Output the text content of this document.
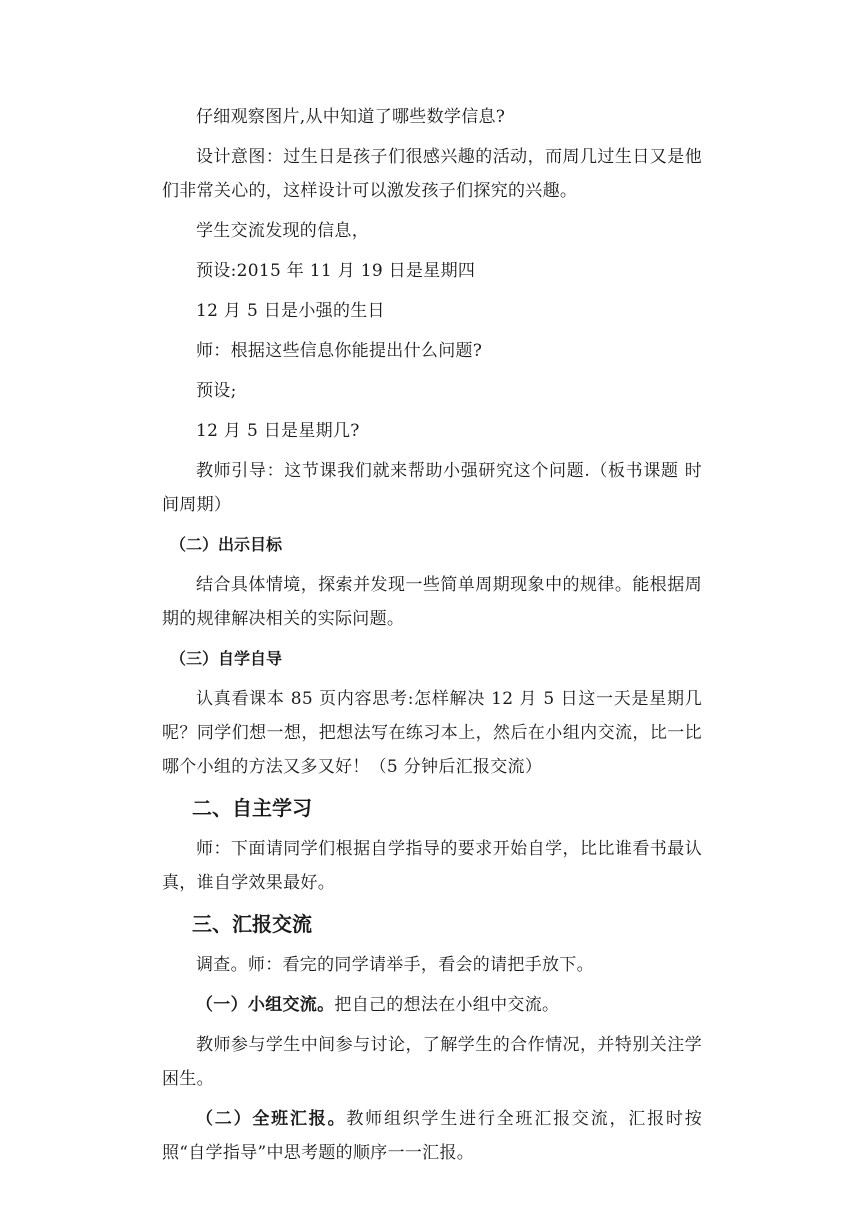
仔细观察图片,从中知道了哪些数学信息?

设计意图：过生日是孩子们很感兴趣的活动，而周几过生日又是他们非常关心的，这样设计可以激发孩子们探究的兴趣。

学生交流发现的信息，

预设:2015 年 11 月 19 日是星期四

12 月 5 日是小强的生日

师：根据这些信息你能提出什么问题?

预设;

12 月 5 日是星期几?

教师引导：这节课我们就来帮助小强研究这个问题.（板书课题 时间周期）

（二）出示目标

结合具体情境，探索并发现一些简单周期现象中的规律。能根据周期的规律解决相关的实际问题。

（三）自学自导

认真看课本 85 页内容思考:怎样解决 12 月 5 日这一天是星期几呢？同学们想一想，把想法写在练习本上，然后在小组内交流，比一比哪个小组的方法又多又好！（5 分钟后汇报交流）

二、自主学习

师：下面请同学们根据自学指导的要求开始自学，比比谁看书最认真，谁自学效果最好。

三、汇报交流

调查。师：看完的同学请举手，看会的请把手放下。

（一）小组交流。把自己的想法在小组中交流。

教师参与学生中间参与讨论，了解学生的合作情况，并特别关注学困生。

（二）全班汇报。教师组织学生进行全班汇报交流，汇报时按照“自学指导”中思考题的顺序一一汇报。
